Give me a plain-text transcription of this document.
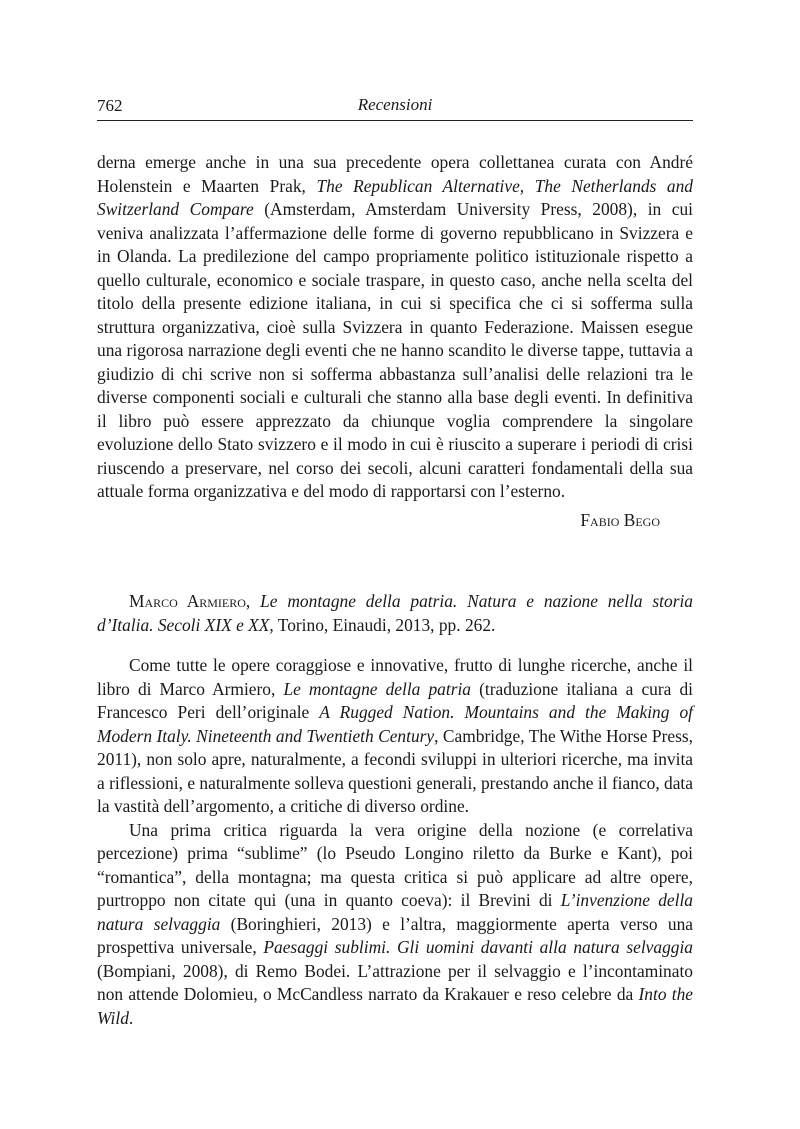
762	Recensioni

derna emerge anche in una sua precedente opera collettanea curata con André Holenstein e Maarten Prak, The Republican Alternative, The Netherlands and Switzerland Compare (Amsterdam, Amsterdam University Press, 2008), in cui veniva analizzata l’affermazione delle forme di governo repubblicano in Svizzera e in Olanda. La predilezione del campo propriamente politico istituzionale rispetto a quello culturale, economico e sociale traspare, in questo caso, anche nella scelta del titolo della presente edizione italiana, in cui si specifica che ci si sofferma sulla struttura organizzativa, cioè sulla Svizzera in quanto Federazione. Maissen esegue una rigorosa narrazione degli eventi che ne hanno scandito le diverse tappe, tuttavia a giudizio di chi scrive non si sofferma abbastanza sull’analisi delle relazioni tra le diverse componenti sociali e culturali che stanno alla base degli eventi. In definitiva il libro può essere apprezzato da chiunque voglia comprendere la singolare evoluzione dello Stato svizzero e il modo in cui è riuscito a superare i periodi di crisi riuscendo a preservare, nel corso dei secoli, alcuni caratteri fondamentali della sua attuale forma organizzativa e del modo di rapportarsi con l’esterno.

Fabio Bego

Marco Armiero, Le montagne della patria. Natura e nazione nella storia d’Italia. Secoli XIX e XX, Torino, Einaudi, 2013, pp. 262.

Come tutte le opere coraggiose e innovative, frutto di lunghe ricerche, anche il libro di Marco Armiero, Le montagne della patria (traduzione italiana a cura di Francesco Peri dell’originale A Rugged Nation. Mountains and the Making of Modern Italy. Nineteenth and Twentieth Century, Cambridge, The Withe Horse Press, 2011), non solo apre, naturalmente, a fecondi sviluppi in ulteriori ricerche, ma invita a riflessioni, e naturalmente solleva questioni generali, prestando anche il fianco, data la vastità dell’argomento, a critiche di diverso ordine.

Una prima critica riguarda la vera origine della nozione (e correlativa percezione) prima “sublime” (lo Pseudo Longino riletto da Burke e Kant), poi “romantica”, della montagna; ma questa critica si può applicare ad altre opere, purtroppo non citate qui (una in quanto coeva): il Brevini di L’invenzione della natura selvaggia (Boringhieri, 2013) e l’altra, maggiormente aperta verso una prospettiva universale, Paesaggi sublimi. Gli uomini davanti alla natura selvaggia (Bompiani, 2008), di Remo Bodei. L’attrazione per il selvaggio e l’incontaminato non attende Dolomieu, o McCandless narrato da Krakauer e reso celebre da Into the Wild.
